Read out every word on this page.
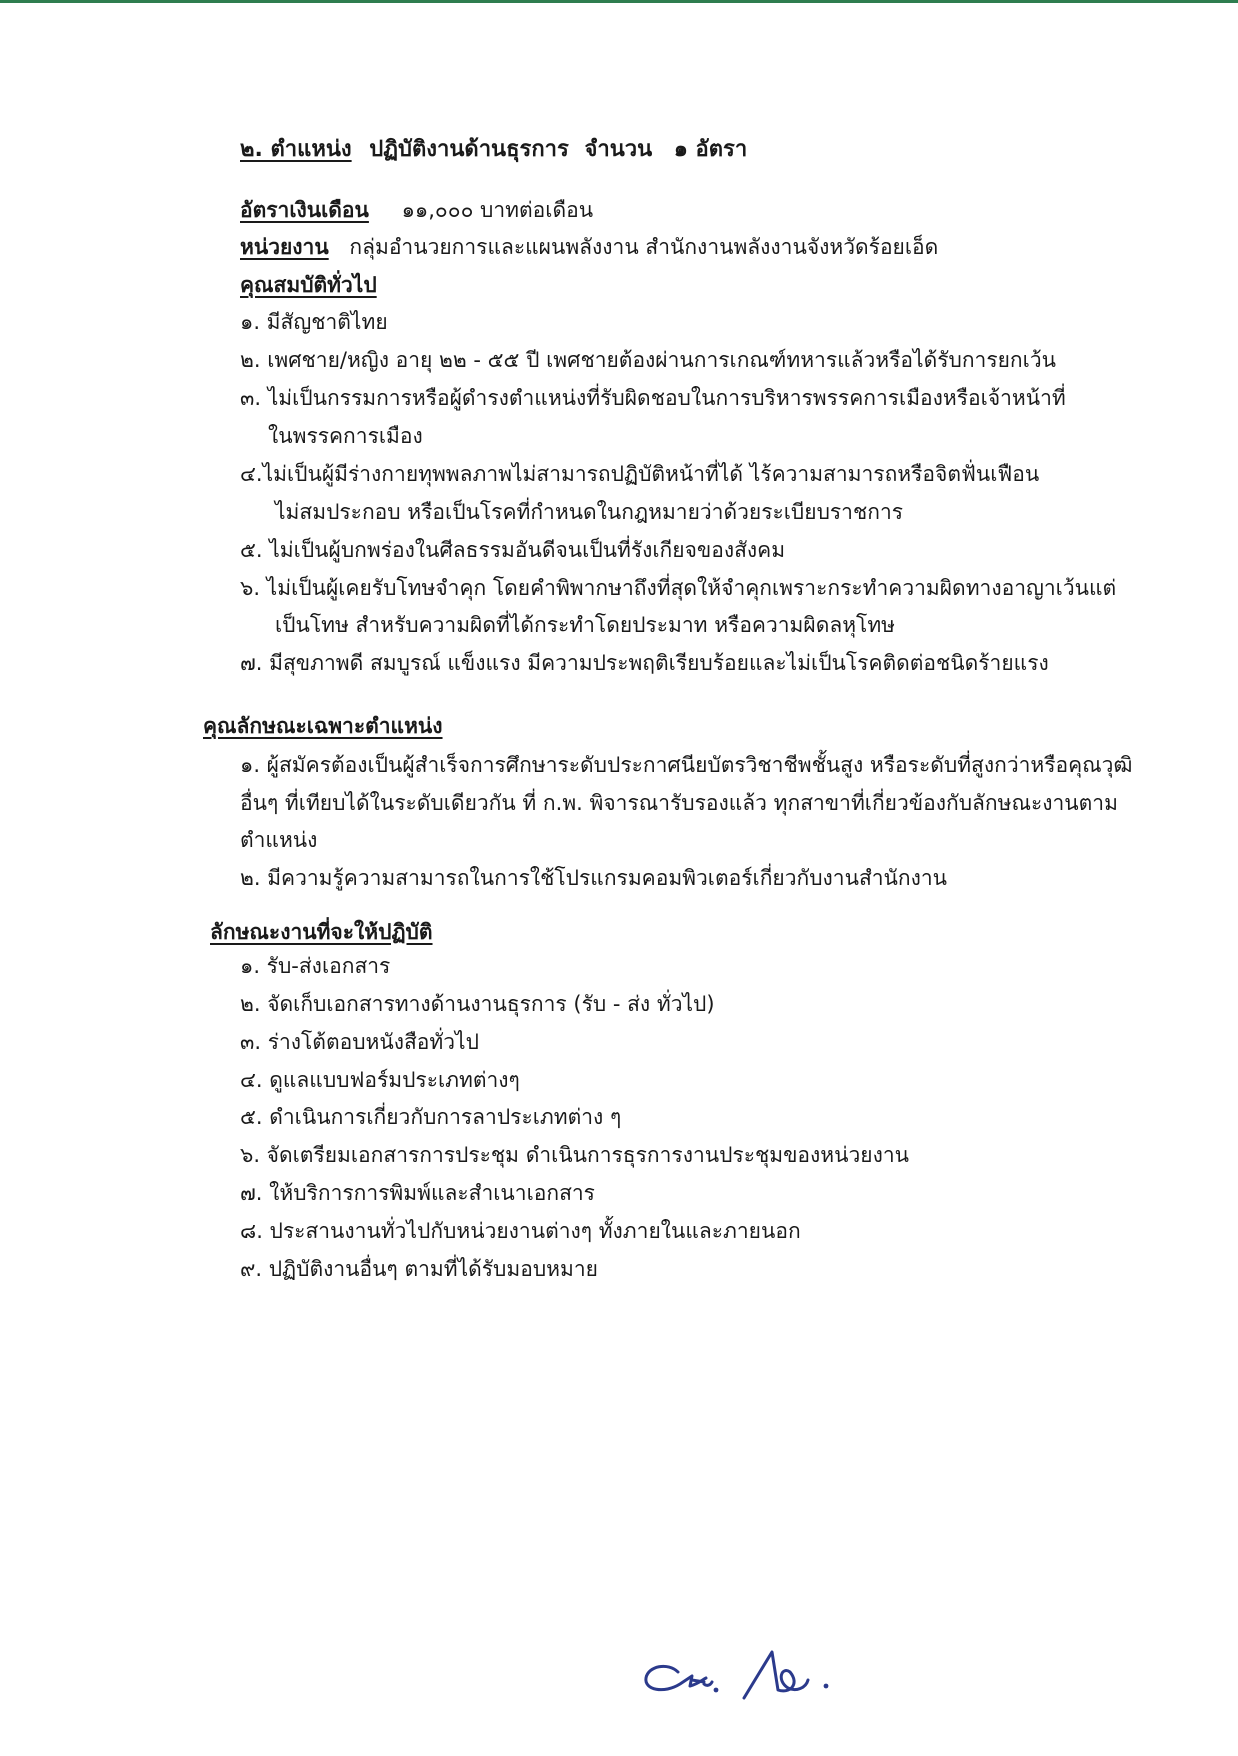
๒. ตำแหน่ง ปฏิบัติงานด้านธุรการ จำนวน ๑ อัตรา
อัตราเงินเดือน ๑๑,๐๐๐ บาทต่อเดือน
หน่วยงาน กลุ่มอำนวยการและแผนพลังงาน สำนักงานพลังงานจังหวัดร้อยเอ็ด
คุณสมบัติทั่วไป
๑. มีสัญชาติไทย
๒. เพศชาย/หญิง อายุ ๒๒ - ๕๕ ปี เพศชายต้องผ่านการเกณฑ์ทหารแล้วหรือได้รับการยกเว้น
๓. ไม่เป็นกรรมการหรือผู้ดำรงตำแหน่งที่รับผิดชอบในการบริหารพรรคการเมืองหรือเจ้าหน้าที่
ในพรรคการเมือง
๔.ไม่เป็นผู้มีร่างกายทุพพลภาพไม่สามารถปฏิบัติหน้าที่ได้ ไร้ความสามารถหรือจิตฟั่นเฟือน
ไม่สมประกอบ หรือเป็นโรคที่กำหนดในกฎหมายว่าด้วยระเบียบราชการ
๕. ไม่เป็นผู้บกพร่องในศีลธรรมอันดีจนเป็นที่รังเกียจของสังคม
๖. ไม่เป็นผู้เคยรับโทษจำคุก โดยคำพิพากษาถึงที่สุดให้จำคุกเพราะกระทำความผิดทางอาญาเว้นแต่
เป็นโทษ สำหรับความผิดที่ได้กระทำโดยประมาท หรือความผิดลหุโทษ
๗. มีสุขภาพดี สมบูรณ์ แข็งแรง มีความประพฤติเรียบร้อยและไม่เป็นโรคติดต่อชนิดร้ายแรง
คุณลักษณะเฉพาะตำแหน่ง
๑. ผู้สมัครต้องเป็นผู้สำเร็จการศึกษาระดับประกาศนียบัตรวิชาชีพชั้นสูง หรือระดับที่สูงกว่าหรือคุณวุฒิ
อื่นๆ ที่เทียบได้ในระดับเดียวกัน ที่ ก.พ. พิจารณารับรองแล้ว ทุกสาขาที่เกี่ยวข้องกับลักษณะงานตาม
ตำแหน่ง
๒. มีความรู้ความสามารถในการใช้โปรแกรมคอมพิวเตอร์เกี่ยวกับงานสำนักงาน
ลักษณะงานที่จะให้ปฏิบัติ
๑. รับ-ส่งเอกสาร
๒. จัดเก็บเอกสารทางด้านงานธุรการ (รับ - ส่ง ทั่วไป)
๓. ร่างโต้ตอบหนังสือทั่วไป
๔. ดูแลแบบฟอร์มประเภทต่างๆ
๕. ดำเนินการเกี่ยวกับการลาประเภทต่าง ๆ
๖. จัดเตรียมเอกสารการประชุม ดำเนินการธุรการงานประชุมของหน่วยงาน
๗. ให้บริการการพิมพ์และสำเนาเอกสาร
๘. ประสานงานทั่วไปกับหน่วยงานต่างๆ ทั้งภายในและภายนอก
๙. ปฏิบัติงานอื่นๆ ตามที่ได้รับมอบหมาย
